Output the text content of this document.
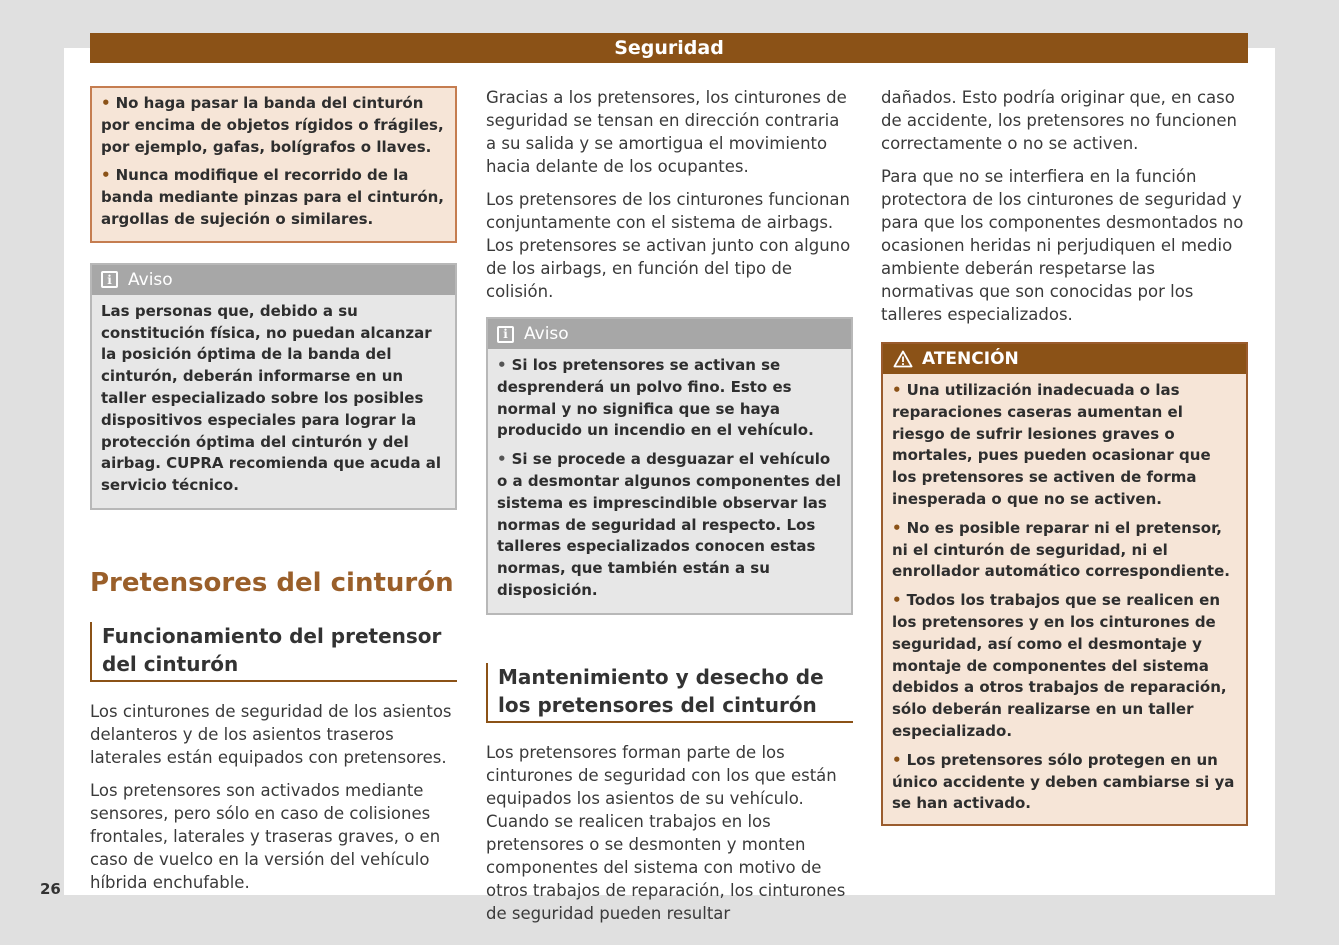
Seguridad
26

• No haga pasar la banda del cinturón por encima de objetos rígidos o frágiles, por ejemplo, gafas, bolígrafos o llaves.

• Nunca modifique el recorrido de la banda mediante pinzas para el cinturón, argollas de sujeción o similares.

i Aviso

Las personas que, debido a su constitución física, no puedan alcanzar la posición óptima de la banda del cinturón, deberán informarse en un taller especializado sobre los posibles dispositivos especiales para lograr la protección óptima del cinturón y del airbag. CUPRA recomienda que acuda al servicio técnico.

Pretensores del cinturón
Funcionamiento del pretensor del cinturón

Los cinturones de seguridad de los asientos delanteros y de los asientos traseros laterales están equipados con pretensores.

Los pretensores son activados mediante sensores, pero sólo en caso de colisiones frontales, laterales y traseras graves, o en caso de vuelco en la versión del vehículo híbrida enchufable.

Gracias a los pretensores, los cinturones de seguridad se tensan en dirección contraria a su salida y se amortigua el movimiento hacia delante de los ocupantes.

Los pretensores de los cinturones funcionan conjuntamente con el sistema de airbags. Los pretensores se activan junto con alguno de los airbags, en función del tipo de colisión.

i Aviso

• Si los pretensores se activan se desprenderá un polvo fino. Esto es normal y no significa que se haya producido un incendio en el vehículo.

• Si se procede a desguazar el vehículo o a desmontar algunos componentes del sistema es imprescindible observar las normas de seguridad al respecto. Los talleres especializados conocen estas normas, que también están a su disposición.

Mantenimiento y desecho de los pretensores del cinturón

Los pretensores forman parte de los cinturones de seguridad con los que están equipados los asientos de su vehículo. Cuando se realicen trabajos en los pretensores o se desmonten y monten componentes del sistema con motivo de otros trabajos de reparación, los cinturones de seguridad pueden resultar

dañados. Esto podría originar que, en caso de accidente, los pretensores no funcionen correctamente o no se activen.

Para que no se interfiera en la función protectora de los cinturones de seguridad y para que los componentes desmontados no ocasionen heridas ni perjudiquen el medio ambiente deberán respetarse las normativas que son conocidas por los talleres especializados.

ATENCIÓN

• Una utilización inadecuada o las reparaciones caseras aumentan el riesgo de sufrir lesiones graves o mortales, pues pueden ocasionar que los pretensores se activen de forma inesperada o que no se activen.

• No es posible reparar ni el pretensor, ni el cinturón de seguridad, ni el enrollador automático correspondiente.

• Todos los trabajos que se realicen en los pretensores y en los cinturones de seguridad, así como el desmontaje y montaje de componentes del sistema debidos a otros trabajos de reparación, sólo deberán realizarse en un taller especializado.

• Los pretensores sólo protegen en un único accidente y deben cambiarse si ya se han activado.
